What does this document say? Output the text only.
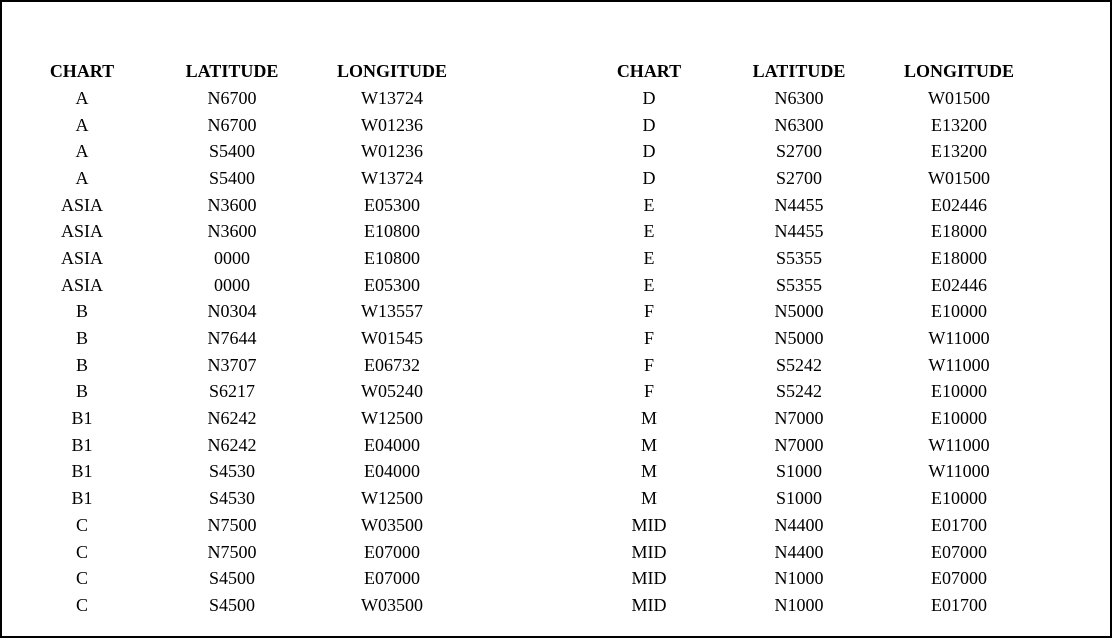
CHART	LATITUDE	LONGITUDE
A	N6700	W13724
A	N6700	W01236
A	S5400	W01236
A	S5400	W13724
ASIA	N3600	E05300
ASIA	N3600	E10800
ASIA	0000	E10800
ASIA	0000	E05300
B	N0304	W13557
B	N7644	W01545
B	N3707	E06732
B	S6217	W05240
B1	N6242	W12500
B1	N6242	E04000
B1	S4530	E04000
B1	S4530	W12500
C	N7500	W03500
C	N7500	E07000
C	S4500	E07000
C	S4500	W03500
CHART	LATITUDE	LONGITUDE
D	N6300	W01500
D	N6300	E13200
D	S2700	E13200
D	S2700	W01500
E	N4455	E02446
E	N4455	E18000
E	S5355	E18000
E	S5355	E02446
F	N5000	E10000
F	N5000	W11000
F	S5242	W11000
F	S5242	E10000
M	N7000	E10000
M	N7000	W11000
M	S1000	W11000
M	S1000	E10000
MID	N4400	E01700
MID	N4400	E07000
MID	N1000	E07000
MID	N1000	E01700
